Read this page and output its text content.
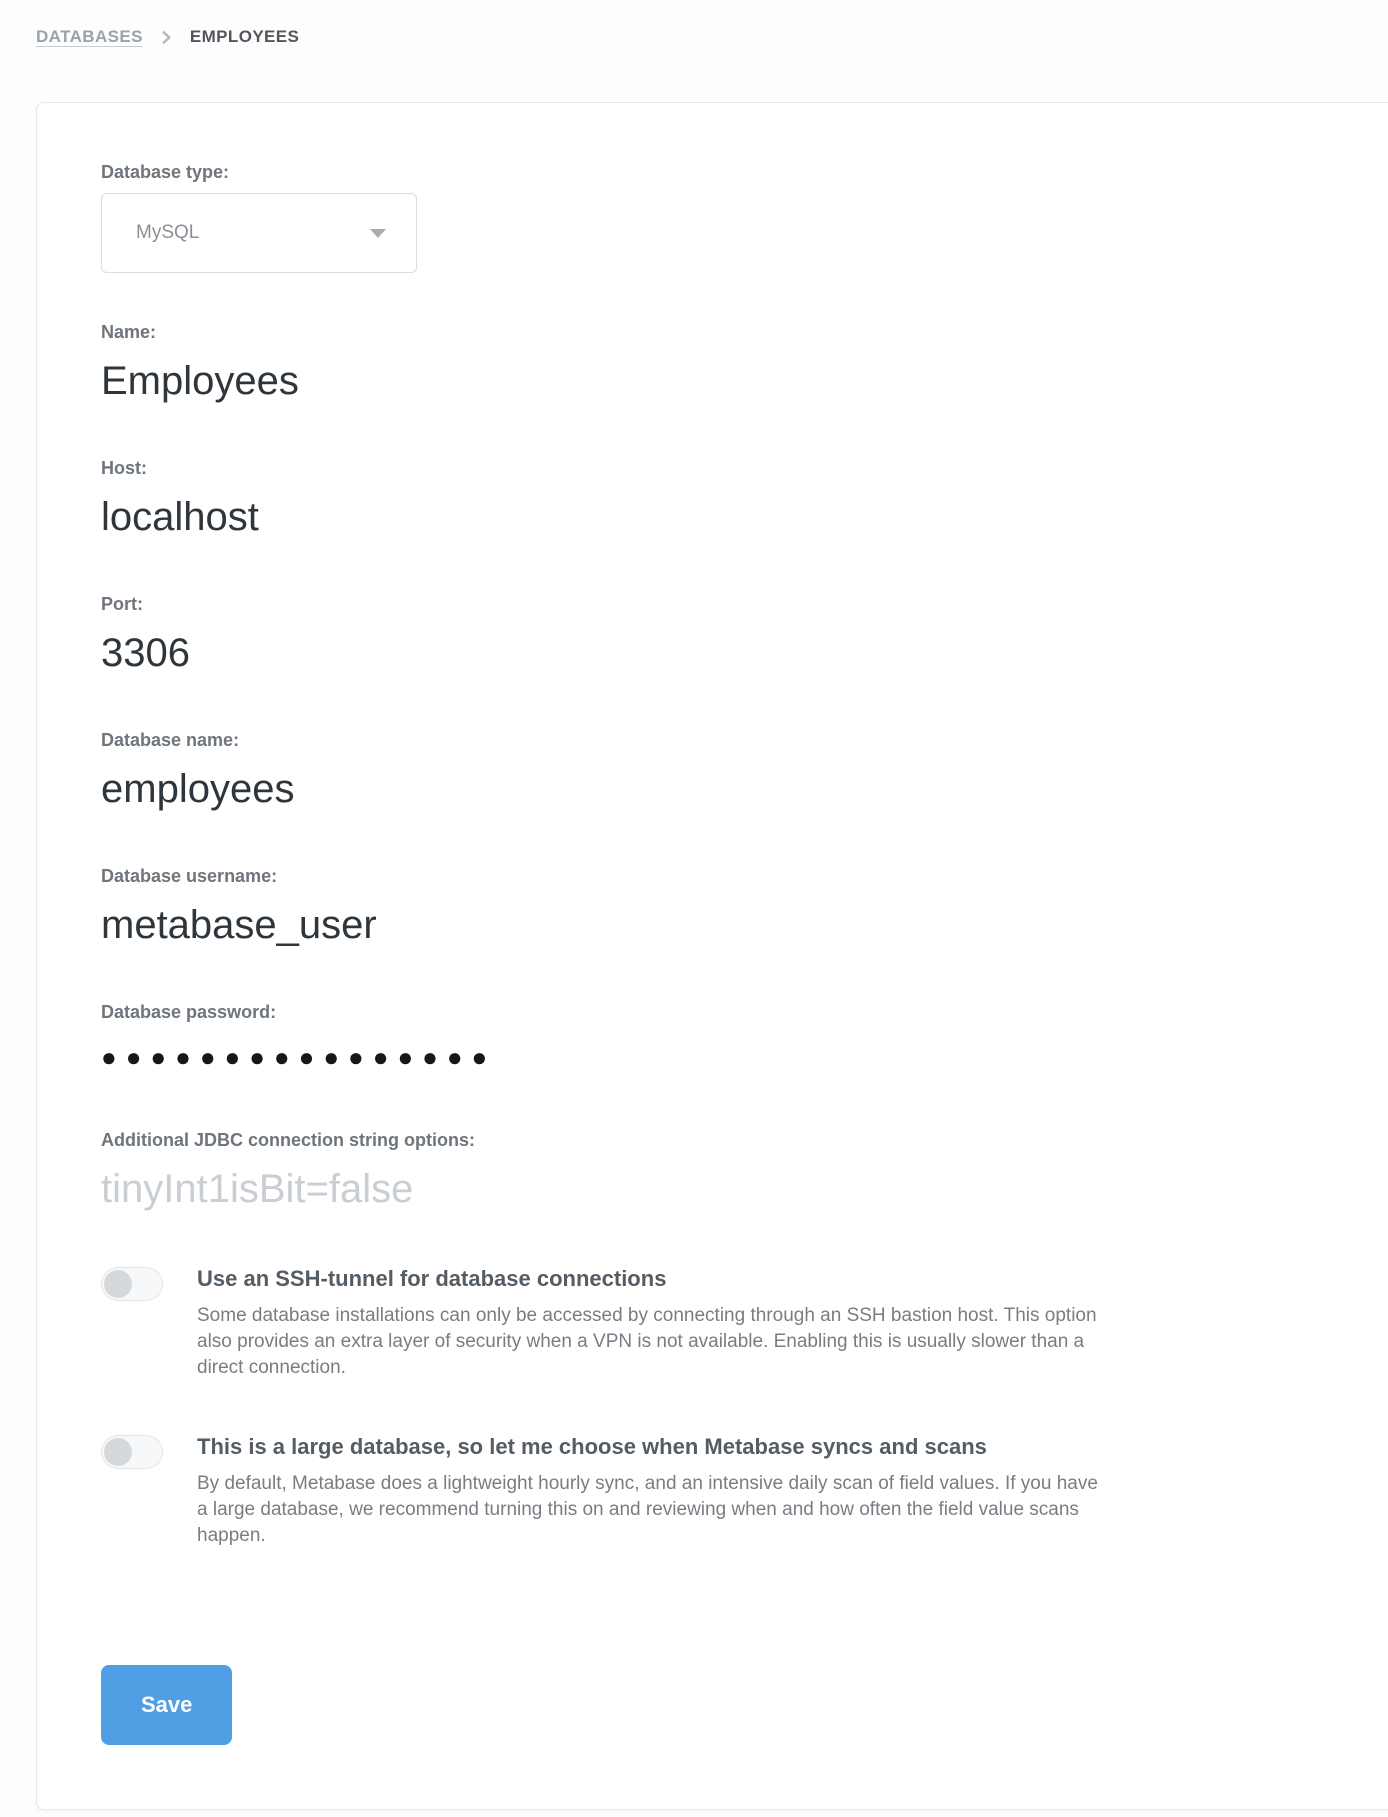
DATABASES	EMPLOYEES
Database type:
MySQL
Name:
Employees
Host:
localhost
Port:
3306
Database name:
employees
Database username:
metabase_user
Database password:
●●●●●●●●●●●●●●●●
Additional JDBC connection string options:
tinyInt1isBit=false
Use an SSH-tunnel for database connections
Some database installations can only be accessed by connecting through an SSH bastion host. This option
also provides an extra layer of security when a VPN is not available. Enabling this is usually slower than a
direct connection.
This is a large database, so let me choose when Metabase syncs and scans
By default, Metabase does a lightweight hourly sync, and an intensive daily scan of field values. If you have
a large database, we recommend turning this on and reviewing when and how often the field value scans
happen.
Save
